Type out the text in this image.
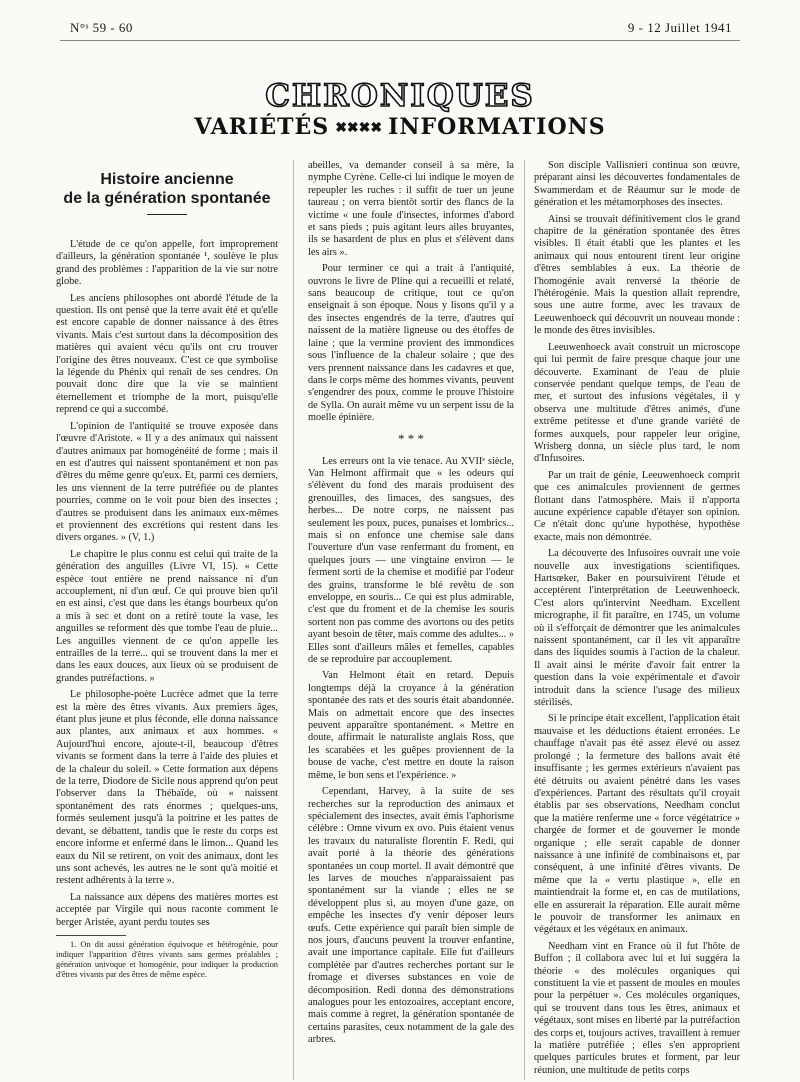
N°ˢ 59 - 60	9 - 12 Juillet 1941
CHRONIQUES
VARIÉTÉS ✖✖✖✖ INFORMATIONS
Histoire ancienne
de la génération spontanée

L'étude de ce qu'on appelle, fort improprement d'ailleurs, la génération spontanée ¹, soulève le plus grand des problèmes : l'apparition de la vie sur notre globe.

Les anciens philosophes ont abordé l'étude de la question. Ils ont pensé que la terre avait été et qu'elle est encore capable de donner naissance à des êtres vivants. Mais c'est surtout dans la décomposition des matières qui avaient vécu qu'ils ont cru trouver l'origine des êtres nouveaux. C'est ce que symbolise la légende du Phénix qui renaît de ses cendres. On pouvait donc dire que la vie se maintient éternellement et triomphe de la mort, puisqu'elle reprend ce qui a succombé.

L'opinion de l'antiquité se trouve exposée dans l'œuvre d'Aristote. « Il y a des animaux qui naissent d'autres animaux par homogénéité de forme ; mais il en est d'autres qui naissent spontanément et non pas d'êtres du même genre qu'eux. Et, parmi ces derniers, les uns viennent de la terre putréfiée ou de plantes pourries, comme on le voit pour bien des insectes ; d'autres se produisent dans les animaux eux-mêmes et proviennent des excrétions qui restent dans les divers organes. » (V, 1.)

Le chapitre le plus connu est celui qui traite de la génération des anguilles (Livre VI, 15). « Cette espèce tout entière ne prend naissance ni d'un accouplement, ni d'un œuf. Ce qui prouve bien qu'il en est ainsi, c'est que dans les étangs bourbeux qu'on a mis à sec et dont on a retiré toute la vase, les anguilles se reforment dès que tombe l'eau de pluie... Les anguilles viennent de ce qu'on appelle les entrailles de la terre... qui se trouvent dans la mer et dans les eaux douces, aux lieux où se produisent de grandes putréfactions. »

Le philosophe-poète Lucrèce admet que la terre est la mère des êtres vivants. Aux premiers âges, étant plus jeune et plus féconde, elle donna naissance aux plantes, aux animaux et aux hommes. « Aujourd'hui encore, ajoute-t-il, beaucoup d'êtres vivants se forment dans la terre à l'aide des pluies et de la chaleur du soleil. » Cette formation aux dépens de la terre, Diodore de Sicile nous apprend qu'on peut l'observer dans la Thébaïde, où « naissent spontanément des rats énormes ; quelques-uns, formés seulement jusqu'à la poitrine et les pattes de devant, se débattent, tandis que le reste du corps est encore informe et enfermé dans le limon... Quand les eaux du Nil se retirent, on voit des animaux, dont les uns sont achevés, les autres ne le sont qu'à moitié et restent adhérents à la terre ».

La naissance aux dépens des matières mortes est acceptée par Virgile qui nous raconte comment le berger Aristée, ayant perdu toutes ses

1. On dit aussi génération équivoque et hétérogénie, pour indiquer l'apparition d'êtres vivants sans germes préalables ; génération univoque et homogénie, pour indiquer la production d'êtres vivants par des êtres de même espèce.

abeilles, va demander conseil à sa mère, la nymphe Cyrène. Celle-ci lui indique le moyen de repeupler les ruches : il suffit de tuer un jeune taureau ; on verra bientôt sortir des flancs de la victime « une foule d'insectes, informes d'abord et sans pieds ; puis agitant leurs ailes bruyantes, ils se hasardent de plus en plus et s'élèvent dans les airs ».

Pour terminer ce qui a trait à l'antiquité, ouvrons le livre de Pline qui a recueilli et relaté, sans beaucoup de critique, tout ce qu'on enseignait à son époque. Nous y lisons qu'il y a des insectes engendrés de la terre, d'autres qui naissent de la matière ligneuse ou des étoffes de laine ; que la vermine provient des immondices sous l'influence de la chaleur solaire ; que des vers prennent naissance dans les cadavres et que, dans le corps même des hommes vivants, peuvent s'engendrer des poux, comme le prouve l'histoire de Sylla. On aurait même vu un serpent issu de la moelle épinière.

* * *

Les erreurs ont la vie tenace. Au XVIIᵉ siècle, Van Helmont affirmait que « les odeurs qui s'élèvent du fond des marais produisent des grenouilles, des limaces, des sangsues, des herbes... De notre corps, ne naissent pas seulement les poux, puces, punaises et lombrics... mais si on enfonce une chemise sale dans l'ouverture d'un vase renfermant du froment, en quelques jours — une vingtaine environ — le ferment sorti de la chemise et modifié par l'odeur des grains, transforme le blé revêtu de son enveloppe, en souris... Ce qui est plus admirable, c'est que du froment et de la chemise les souris sortent non pas comme des avortons ou des petits ayant besoin de têter, mais comme des adultes... » Elles sont d'ailleurs mâles et femelles, capables de se reproduire par accouplement.

Van Helmont était en retard. Depuis longtemps déjà la croyance à la génération spontanée des rats et des souris était abandonnée. Mais on admettait encore que des insectes peuvent apparaître spontanément. « Mettre en doute, affirmait le naturaliste anglais Ross, que les scarabées et les guêpes proviennent de la bouse de vache, c'est mettre en doute la raison même, le bon sens et l'expérience. »

Cependant, Harvey, à la suite de ses recherches sur la reproduction des animaux et spécialement des insectes, avait émis l'aphorisme célèbre : Omne vivum ex ovo. Puis étaient venus les travaux du naturaliste florentin F. Redi, qui avait porté à la théorie des générations spontanées un coup mortel. Il avait démontré que les larves de mouches n'apparaissaient pas spontanément sur la viande ; elles ne se développent plus si, au moyen d'une gaze, on empêche les insectes d'y venir déposer leurs œufs. Cette expérience qui paraît bien simple de nos jours, d'aucuns peuvent la trouver enfantine, avait une importance capitale. Elle fut d'ailleurs complétée par d'autres recherches portant sur le fromage et diverses substances en voie de décomposition. Redi donna des démonstrations analogues pour les entozoaires, acceptant encore, mais comme à regret, la génération spontanée de certains parasites, ceux notamment de la gale des arbres.

Son disciple Vallisnieri continua son œuvre, préparant ainsi les découvertes fondamentales de Swammerdam et de Réaumur sur le mode de génération et les métamorphoses des insectes.

Ainsi se trouvait définitivement clos le grand chapitre de la génération spontanée des êtres visibles. Il était établi que les plantes et les animaux qui nous entourent tirent leur origine d'êtres semblables à eux. La théorie de l'homogénie avait renversé la théorie de l'hétérogénie. Mais la question allait reprendre, sous une autre forme, avec les travaux de Leeuwenhoeck qui découvrit un nouveau monde : le monde des êtres invisibles.

Leeuwenhoeck avait construit un microscope qui lui permit de faire presque chaque jour une découverte. Examinant de l'eau de pluie conservée pendant quelque temps, de l'eau de mer, et surtout des infusions végétales, il y observa une multitude d'êtres animés, d'une extrême petitesse et d'une grande variété de formes auxquels, pour rappeler leur origine, Wrisberg donna, un siècle plus tard, le nom d'Infusoires.

Par un trait de génie, Leeuwenhoeck comprit que ces animalcules proviennent de germes flottant dans l'atmosphère. Mais il n'apporta aucune expérience capable d'étayer son opinion. Ce n'était donc qu'une hypothèse, hypothèse exacte, mais non démontrée.

La découverte des Infusoires ouvrait une voie nouvelle aux investigations scientifiques. Hartsœker, Baker en poursuivirent l'étude et acceptèrent l'interprétation de Leeuwenhoeck. C'est alors qu'intervint Needham. Excellent micrographe, il fit paraître, en 1745, un volume où il s'efforçait de démontrer que les animalcules naissent spontanément, car il les vit apparaître dans des liquides soumis à l'action de la chaleur. Il avait ainsi le mérite d'avoir fait entrer la question dans la voie expérimentale et d'avoir introduit dans la science l'usage des milieux stérilisés.

Si le principe était excellent, l'application était mauvaise et les déductions étaient erronées. Le chauffage n'avait pas été assez élevé ou assez prolongé ; la fermeture des ballons avait été insuffisante ; les germes extérieurs n'avaient pas été détruits ou avaient pénétré dans les vases d'expériences. Partant des résultats qu'il croyait établis par ses observations, Needham conclut que la matière renferme une « force végétatrice » chargée de former et de gouverner le monde organique ; elle serait capable de donner naissance à une infinité de combinaisons et, par conséquent, à une infinité d'êtres vivants. De même que la « vertu plastique », elle en maintiendrait la forme et, en cas de mutilations, elle en assurerait la réparation. Elle aurait même le pouvoir de transformer les animaux en végétaux et les végétaux en animaux.

Needham vint en France où il fut l'hôte de Buffon ; il collabora avec lui et lui suggéra la théorie « des molécules organiques qui constituent la vie et passent de moules en moules pour la perpétuer ». Ces molécules organiques, qui se trouvent dans tous les êtres, animaux et végétaux, sont mises en liberté par la putréfaction des corps et, toujours actives, travaillent à remuer la matière putréfiée ; elles s'en approprient quelques particules brutes et forment, par leur réunion, une multitude de petits corps
